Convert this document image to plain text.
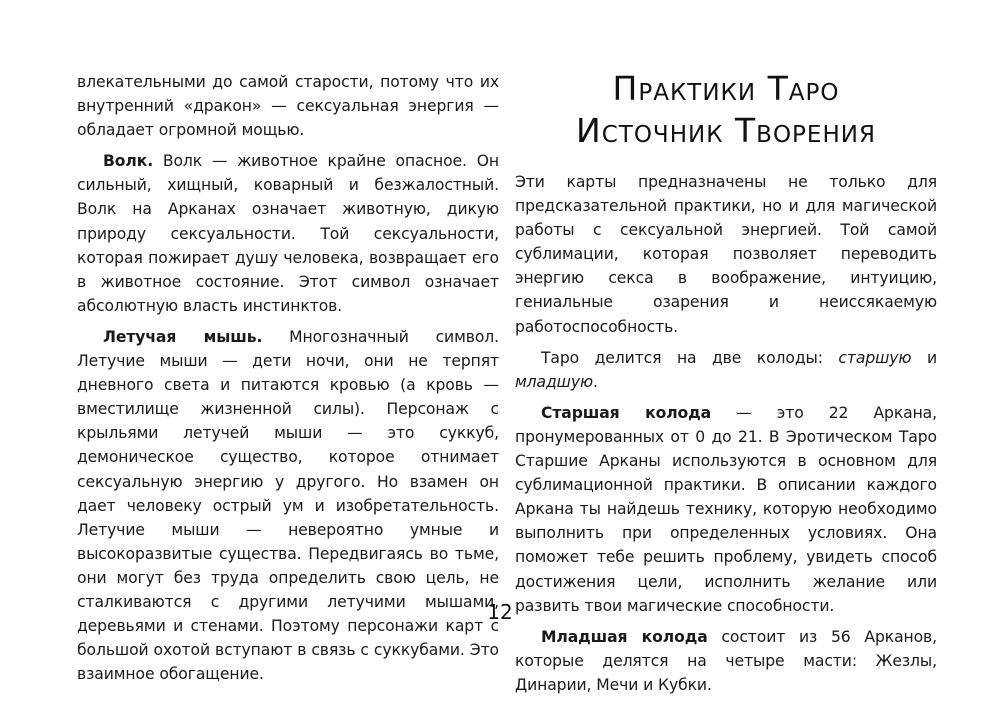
влекательными до самой старости, потому что их внутренний «дракон» — сексуальная энергия — обладает огромной мощью.

Волк. Волк — животное крайне опасное. Он сильный, хищный, коварный и безжалостный. Волк на Арканах означает животную, дикую природу сексуальности. Той сексуальности, которая пожирает душу человека, возвращает его в животное состояние. Этот символ означает абсолютную власть инстинктов.

Летучая мышь. Многозначный символ. Летучие мыши — дети ночи, они не терпят дневного света и питаются кровью (а кровь — вместилище жизненной силы). Персонаж с крыльями летучей мыши — это суккуб, демоническое существо, которое отнимает сексуальную энергию у другого. Но взамен он дает человеку острый ум и изобретательность. Летучие мыши — невероятно умные и высокоразвитые существа. Передвигаясь во тьме, они могут без труда определить свою цель, не сталкиваются с другими летучими мышами, деревьями и стенами. Поэтому персонажи карт с большой охотой вступают в связь с суккубами. Это взаимное обогащение.

Практики Таро
Источник Творения

Эти карты предназначены не только для предсказательной практики, но и для магической работы с сексуальной энергией. Той самой сублимации, которая позволяет переводить энергию секса в воображение, интуицию, гениальные озарения и неиссякаемую работоспособность.

Таро делится на две колоды: старшую и младшую.

Старшая колода — это 22 Аркана, пронумерованных от 0 до 21. В Эротическом Таро Старшие Арканы используются в основном для сублимационной практики. В описании каждого Аркана ты найдешь технику, которую необходимо выполнить при определенных условиях. Она поможет тебе решить проблему, увидеть способ достижения цели, исполнить желание или развить твои магические способности.

Младшая колода состоит из 56 Арканов, которые делятся на четыре масти: Жезлы, Динарии, Мечи и Кубки.

12
